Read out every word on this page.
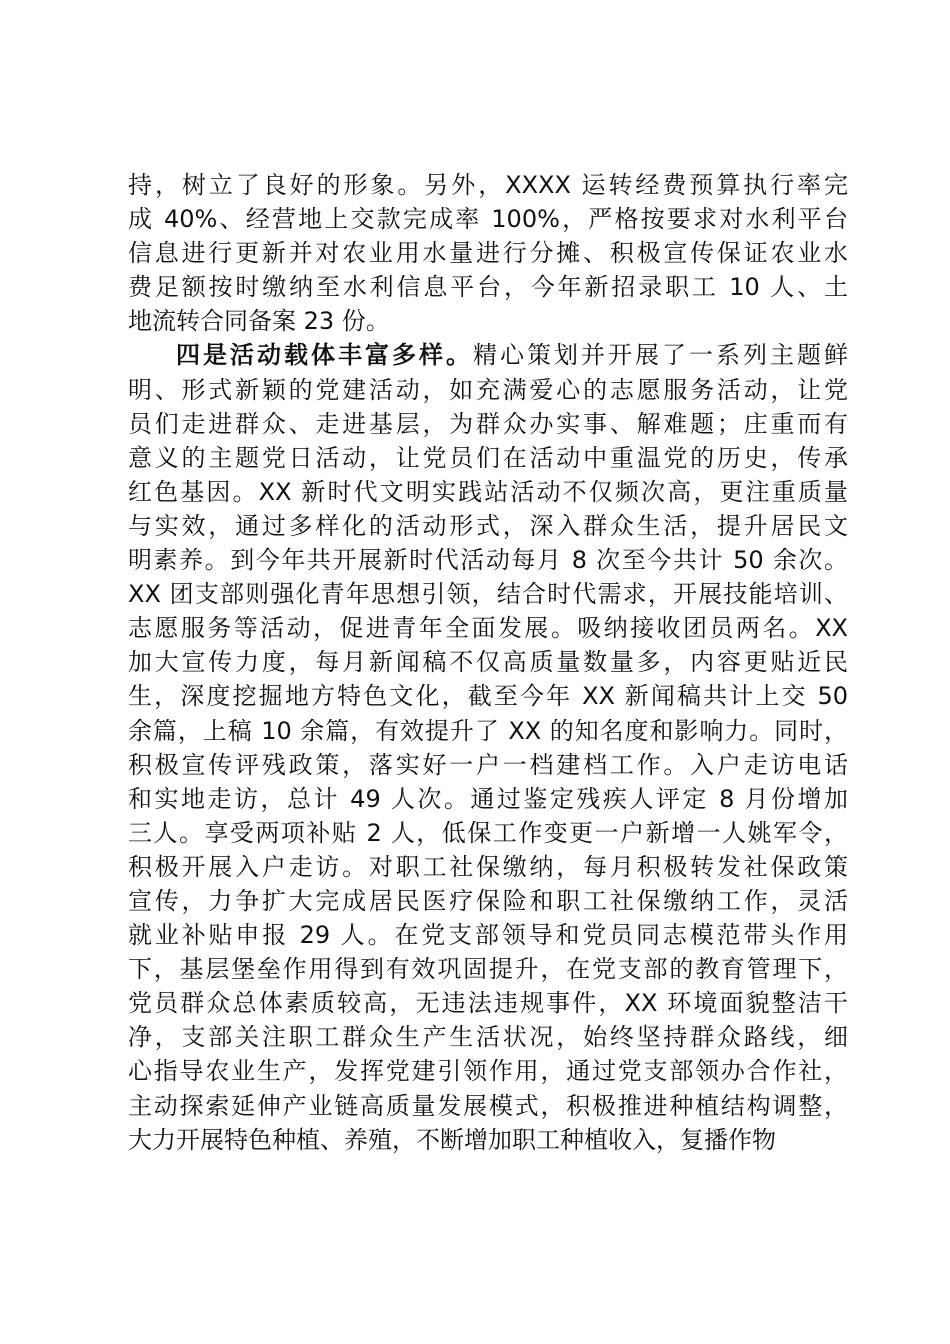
持，树立了良好的形象。另外，XXXX 运转经费预算执行率完
成 40%、经营地上交款完成率 100%，严格按要求对水利平台
信息进行更新并对农业用水量进行分摊、积极宣传保证农业水
费足额按时缴纳至水利信息平台，今年新招录职工 10 人、土
地流转合同备案 23 份。
四是活动载体丰富多样。精心策划并开展了一系列主题鲜
明、形式新颖的党建活动，如充满爱心的志愿服务活动，让党
员们走进群众、走进基层，为群众办实事、解难题；庄重而有
意义的主题党日活动，让党员们在活动中重温党的历史，传承
红色基因。XX 新时代文明实践站活动不仅频次高，更注重质量
与实效，通过多样化的活动形式，深入群众生活，提升居民文
明素养。到今年共开展新时代活动每月 8 次至今共计 50 余次。
XX 团支部则强化青年思想引领，结合时代需求，开展技能培训、
志愿服务等活动，促进青年全面发展。吸纳接收团员两名。XX
加大宣传力度，每月新闻稿不仅高质量数量多，内容更贴近民
生，深度挖掘地方特色文化，截至今年 XX 新闻稿共计上交 50
余篇，上稿 10 余篇，有效提升了 XX 的知名度和影响力。同时，
积极宣传评残政策，落实好一户一档建档工作。入户走访电话
和实地走访，总计 49 人次。通过鉴定残疾人评定 8 月份增加
三人。享受两项补贴 2 人，低保工作变更一户新增一人姚军令，
积极开展入户走访。对职工社保缴纳，每月积极转发社保政策
宣传，力争扩大完成居民医疗保险和职工社保缴纳工作，灵活
就业补贴申报 29 人。在党支部领导和党员同志模范带头作用
下，基层堡垒作用得到有效巩固提升，在党支部的教育管理下，
党员群众总体素质较高，无违法违规事件，XX 环境面貌整洁干
净，支部关注职工群众生产生活状况，始终坚持群众路线，细
心指导农业生产，发挥党建引领作用，通过党支部领办合作社，
主动探索延伸产业链高质量发展模式，积极推进种植结构调整，
大力开展特色种植、养殖，不断增加职工种植收入，复播作物
